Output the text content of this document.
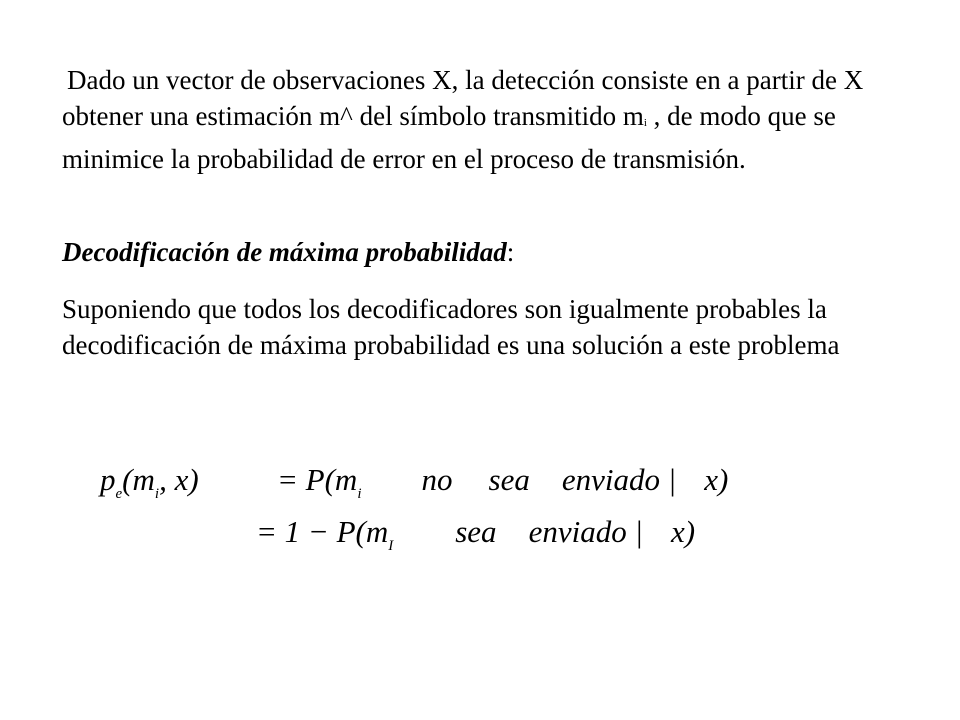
Dado un vector de observaciones X, la detección consiste en a partir de X obtener una estimación m^ del símbolo transmitido mi , de modo que se minimice la probabilidad de error en el proceso de transmisión.

Decodificación de máxima probabilidad:

Suponiendo que todos los decodificadores son igualmente probables la decodificación de máxima probabilidad es una solución a este problema

$p_e(m_i$, x)	= $P(m_i$ no sea enviado | x)
= $1 - P(m_I$ sea enviado | x)
